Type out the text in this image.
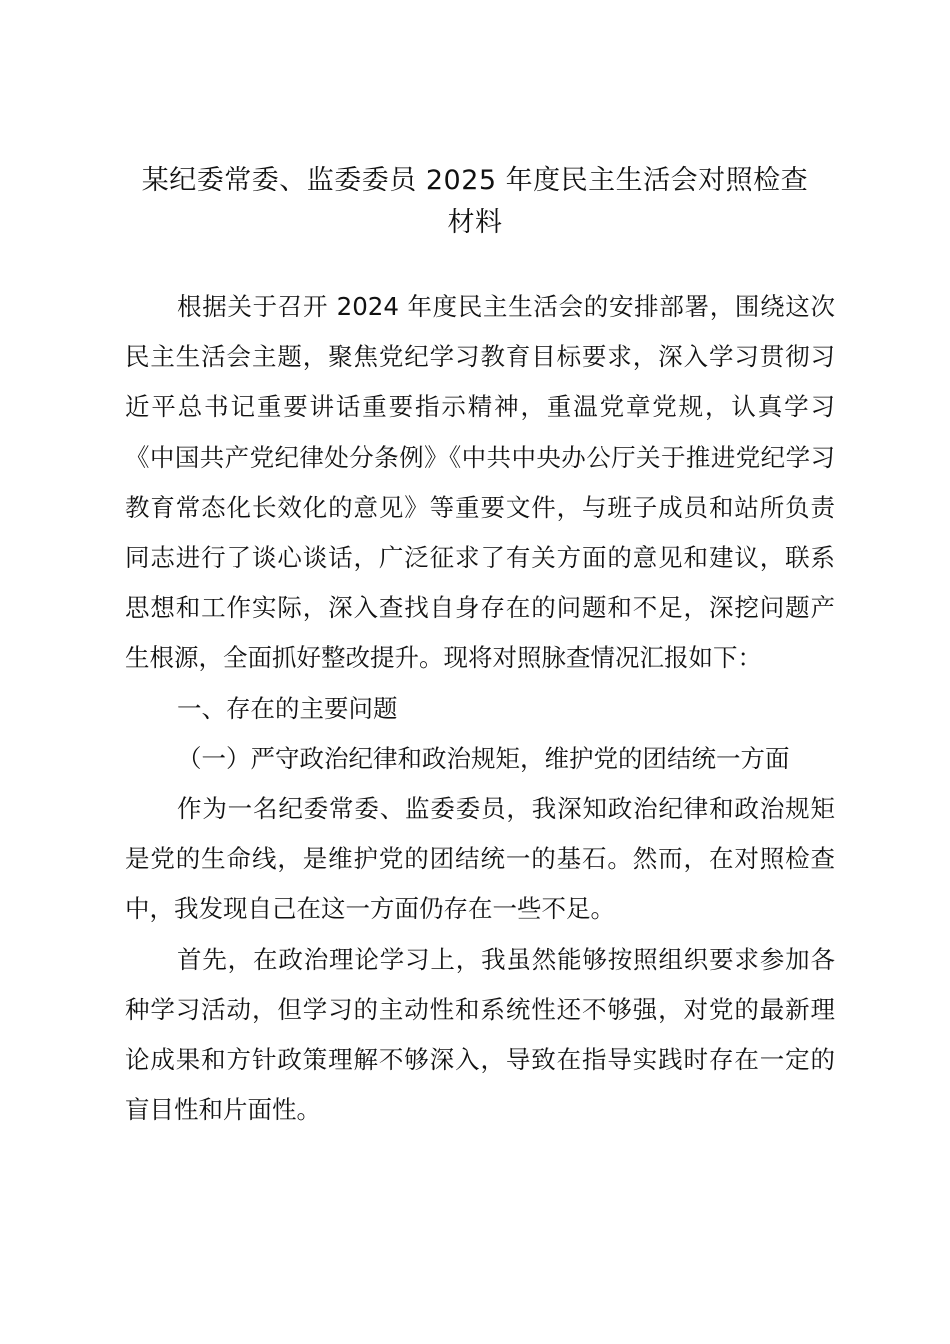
某纪委常委、监委委员 2025 年度民主生活会对照检查
材料

根据关于召开 2024 年度民主生活会的安排部署，围绕这次民主生活会主题，聚焦党纪学习教育目标要求，深入学习贯彻习近平总书记重要讲话重要指示精神，重温党章党规，认真学习《中国共产党纪律处分条例》《中共中央办公厅关于推进党纪学习教育常态化长效化的意见》等重要文件，与班子成员和站所负责同志进行了谈心谈话，广泛征求了有关方面的意见和建议，联系思想和工作实际，深入查找自身存在的问题和不足，深挖问题产生根源，全面抓好整改提升。现将对照脉查情况汇报如下：

一、存在的主要问题

（一）严守政治纪律和政治规矩，维护党的团结统一方面

作为一名纪委常委、监委委员，我深知政治纪律和政治规矩是党的生命线，是维护党的团结统一的基石。然而，在对照检查中，我发现自己在这一方面仍存在一些不足。

首先，在政治理论学习上，我虽然能够按照组织要求参加各种学习活动，但学习的主动性和系统性还不够强，对党的最新理论成果和方针政策理解不够深入，导致在指导实践时存在一定的盲目性和片面性。
